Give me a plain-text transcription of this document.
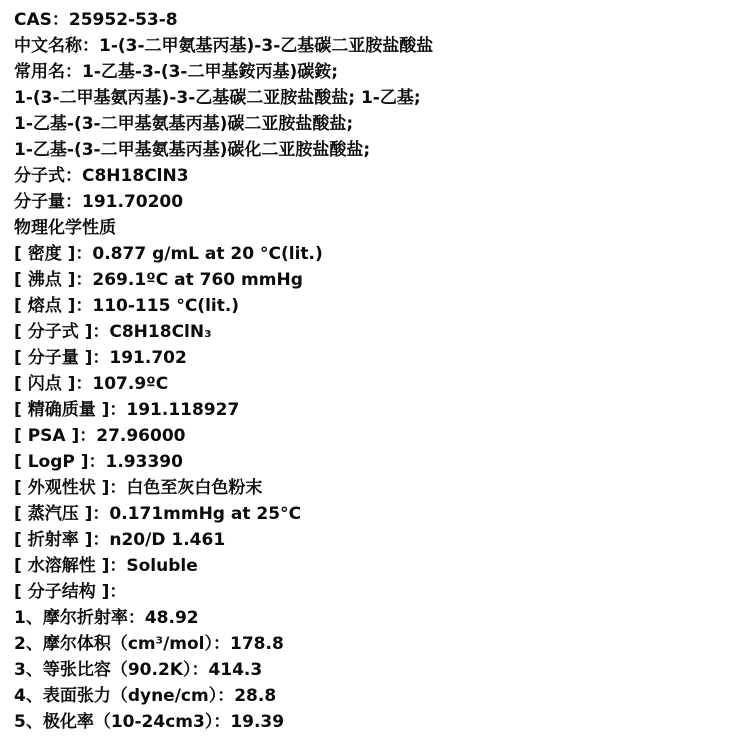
CAS：25952-53-8
中文名称：1-(3-二甲氨基丙基)-3-乙基碳二亚胺盐酸盐
常用名：1-乙基-3-(3-二甲基銨丙基)碳銨;
1-(3-二甲基氨丙基)-3-乙基碳二亚胺盐酸盐; 1-乙基;
1-乙基-(3-二甲基氨基丙基)碳二亚胺盐酸盐;
1-乙基-(3-二甲基氨基丙基)碳化二亚胺盐酸盐;
分子式：C8H18ClN3
分子量：191.70200
物理化学性质
[ 密度 ]：0.877 g/mL at 20 °C(lit.)
[ 沸点 ]：269.1ºC at 760 mmHg
[ 熔点 ]：110-115 °C(lit.)
[ 分子式 ]：C8H18ClN₃
[ 分子量 ]：191.702
[ 闪点 ]：107.9ºC
[ 精确质量 ]：191.118927
[ PSA ]：27.96000
[ LogP ]：1.93390
[ 外观性状 ]：白色至灰白色粉末
[ 蒸汽压 ]：0.171mmHg at 25°C
[ 折射率 ]：n20/D 1.461
[ 水溶解性 ]：Soluble
[ 分子结构 ]：
1、摩尔折射率：48.92
2、摩尔体积（cm³/mol）：178.8
3、等张比容（90.2K）：414.3
4、表面张力（dyne/cm）：28.8
5、极化率（10-24cm3）：19.39
